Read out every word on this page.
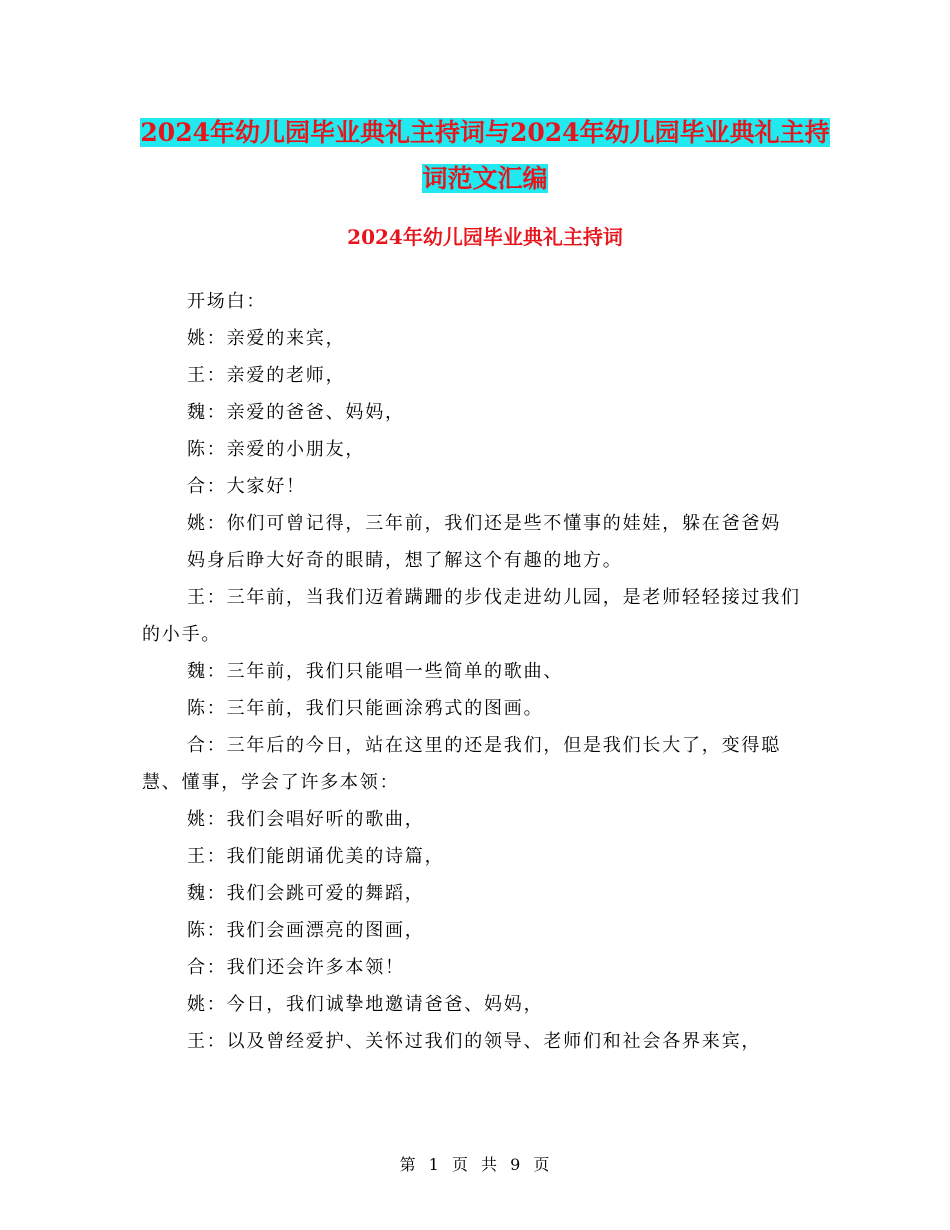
2024年幼儿园毕业典礼主持词与2024年幼儿园毕业典礼主持词范文汇编
2024年幼儿园毕业典礼主持词

开场白：

姚：亲爱的来宾，

王：亲爱的老师，

魏：亲爱的爸爸、妈妈，

陈：亲爱的小朋友，

合：大家好！

姚：你们可曾记得，三年前，我们还是些不懂事的娃娃，躲在爸爸妈

妈身后睁大好奇的眼睛，想了解这个有趣的地方。

王：三年前，当我们迈着蹒跚的步伐走进幼儿园，是老师轻轻接过我们的小手。

魏：三年前，我们只能唱一些简单的歌曲、

陈：三年前，我们只能画涂鸦式的图画。

合：三年后的今日，站在这里的还是我们，但是我们长大了，变得聪慧、懂事，学会了许多本领：

姚：我们会唱好听的歌曲，

王：我们能朗诵优美的诗篇，

魏：我们会跳可爱的舞蹈，

陈：我们会画漂亮的图画，

合：我们还会许多本领！

姚：今日，我们诚挚地邀请爸爸、妈妈，

王：以及曾经爱护、关怀过我们的领导、老师们和社会各界来宾，

第 1 页 共 9 页
